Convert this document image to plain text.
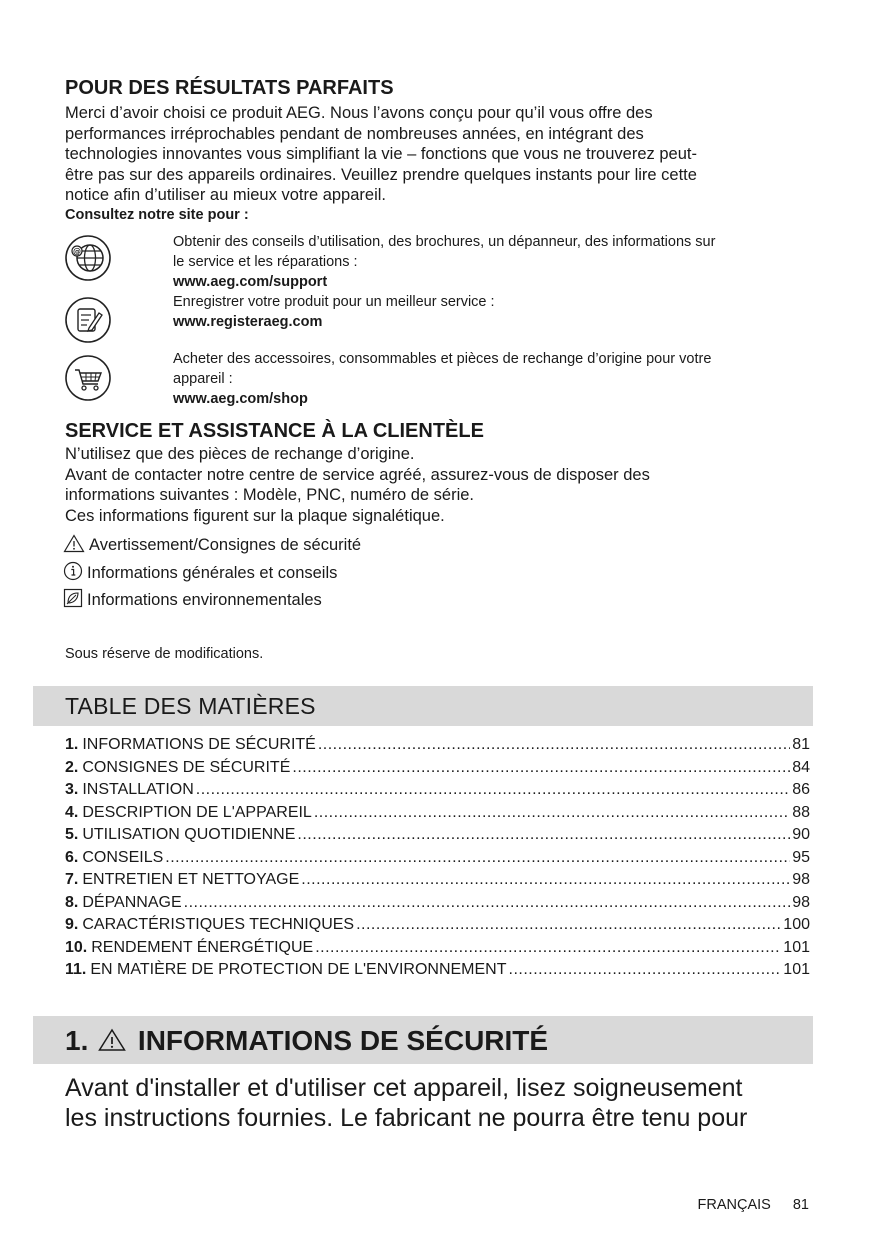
POUR DES RÉSULTATS PARFAITS
Merci d’avoir choisi ce produit AEG. Nous l’avons conçu pour qu’il vous offre des
performances irréprochables pendant de nombreuses années, en intégrant des
technologies innovantes vous simplifiant la vie – fonctions que vous ne trouverez peut-
être pas sur des appareils ordinaires. Veuillez prendre quelques instants pour lire cette
notice afin d’utiliser au mieux votre appareil.
Consultez notre site pour :
@
Obtenir des conseils d’utilisation, des brochures, un dépanneur, des informations sur
le service et les réparations :
www.aeg.com/support
Enregistrer votre produit pour un meilleur service :
www.registeraeg.com
Acheter des accessoires, consommables et pièces de rechange d’origine pour votre
appareil :
www.aeg.com/shop
SERVICE ET ASSISTANCE À LA CLIENTÈLE
N’utilisez que des pièces de rechange d’origine.
Avant de contacter notre centre de service agréé, assurez-vous de disposer des
informations suivantes : Modèle, PNC, numéro de série.
Ces informations figurent sur la plaque signalétique.
Avertissement/Consignes de sécurité
Informations générales et conseils
Informations environnementales
Sous réserve de modifications.
TABLE DES MATIÈRES
1. INFORMATIONS DE SÉCURITÉ .....	81
2. CONSIGNES DE SÉCURITÉ .....	84
3. INSTALLATION .....	86
4. DESCRIPTION DE L'APPAREIL .....	88
5. UTILISATION QUOTIDIENNE .....	90
6. CONSEILS .....	95
7. ENTRETIEN ET NETTOYAGE .....	98
8. DÉPANNAGE .....	98
9. CARACTÉRISTIQUES TECHNIQUES .....	100
10. RENDEMENT ÉNERGÉTIQUE .....	101
11. EN MATIÈRE DE PROTECTION DE L'ENVIRONNEMENT .....	101
1. INFORMATIONS DE SÉCURITÉ
Avant d'installer et d'utiliser cet appareil, lisez soigneusement
les instructions fournies. Le fabricant ne pourra être tenu pour
FRANÇAIS 81
